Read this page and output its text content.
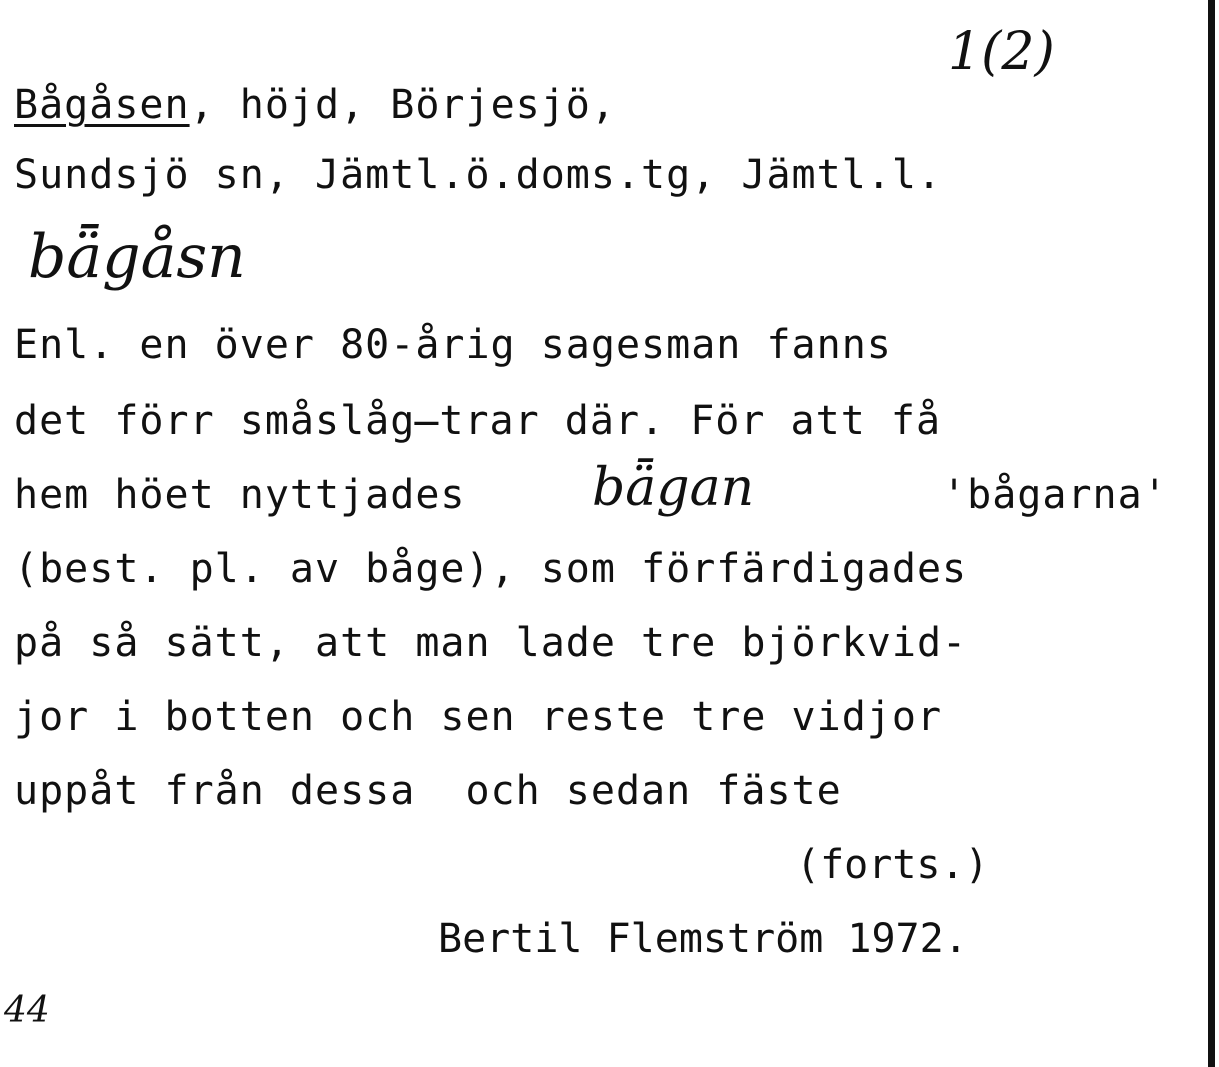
1(2)
Bågåsen, höjd, Börjesjö,
Sundsjö sn, Jämtl.ö.doms.tg, Jämtl.l.
bǟgåsn
Enl. en över 80-årig sagesman fanns
det förr småslåg̶trar där. För att få
hem höet nyttjades	'bågarna'
bǟgan
(best. pl. av båge), som förfärdigades
på så sätt, att man lade tre björkvid-
jor i botten och sen reste tre vidjor
uppåt från dessa  och sedan fäste
(forts.)
Bertil Flemström 1972.
44
